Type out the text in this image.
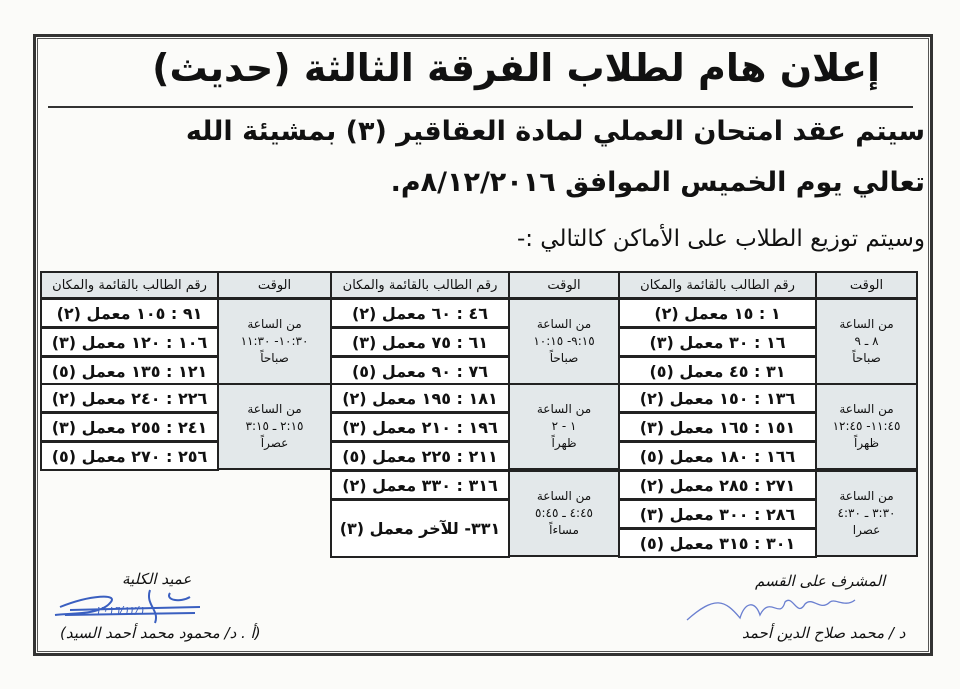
إعلان هام لطلاب الفرقة الثالثة (حديث)
سيتم عقد امتحان العملي لمادة العقاقير (٣) بمشيئة الله
تعالي يوم الخميس الموافق ٨/١٢/٢٠١٦م.
وسيتم توزيع الطلاب على الأماكن كالتالي :-
الوقت
رقم الطالب بالقائمة والمكان
من الساعة
٨ ـ ٩
صباحاً
١ : ١٥ معمل (٢)
١٦ : ٣٠ معمل (٣)
٣١ : ٤٥ معمل (٥)
من الساعة
١١:٤٥- ١٢:٤٥
ظهراً
١٣٦ : ١٥٠ معمل (٢)
١٥١ : ١٦٥ معمل (٣)
١٦٦ : ١٨٠ معمل (٥)
من الساعة
٣:٣٠ ـ ٤:٣٠
عصرا
٢٧١ : ٢٨٥ معمل (٢)
٢٨٦ : ٣٠٠ معمل (٣)
٣٠١ : ٣١٥ معمل (٥)
الوقت
رقم الطالب بالقائمة والمكان
من الساعة
٩:١٥- ١٠:١٥
صباحاً
٤٦ : ٦٠ معمل (٢)
٦١ : ٧٥ معمل (٣)
٧٦ : ٩٠ معمل (٥)
من الساعة
١ - ٢
ظهراً
١٨١ : ١٩٥ معمل (٢)
١٩٦ : ٢١٠ معمل (٣)
٢١١ : ٢٢٥ معمل (٥)
من الساعة
٤:٤٥ ـ ٥:٤٥
مساءاً
٣١٦ : ٣٣٠ معمل (٢)
٣٣١- للآخر معمل (٣)
الوقت
رقم الطالب بالقائمة والمكان
من الساعة
١٠:٣٠- ١١:٣٠
صباحاً
٩١ : ١٠٥ معمل (٢)
١٠٦ : ١٢٠ معمل (٣)
١٢١ : ١٣٥ معمل (٥)
من الساعة
٢:١٥ ـ ٣:١٥
عصراً
٢٢٦ : ٢٤٠ معمل (٢)
٢٤١ : ٢٥٥ معمل (٣)
٢٥٦ : ٢٧٠ معمل (٥)
المشرف على القسم
د / محمد صلاح الدين أحمد
عميد الكلية
٢٠١٦/١٢/١
(أ . د/ محمود محمد أحمد السيد)
